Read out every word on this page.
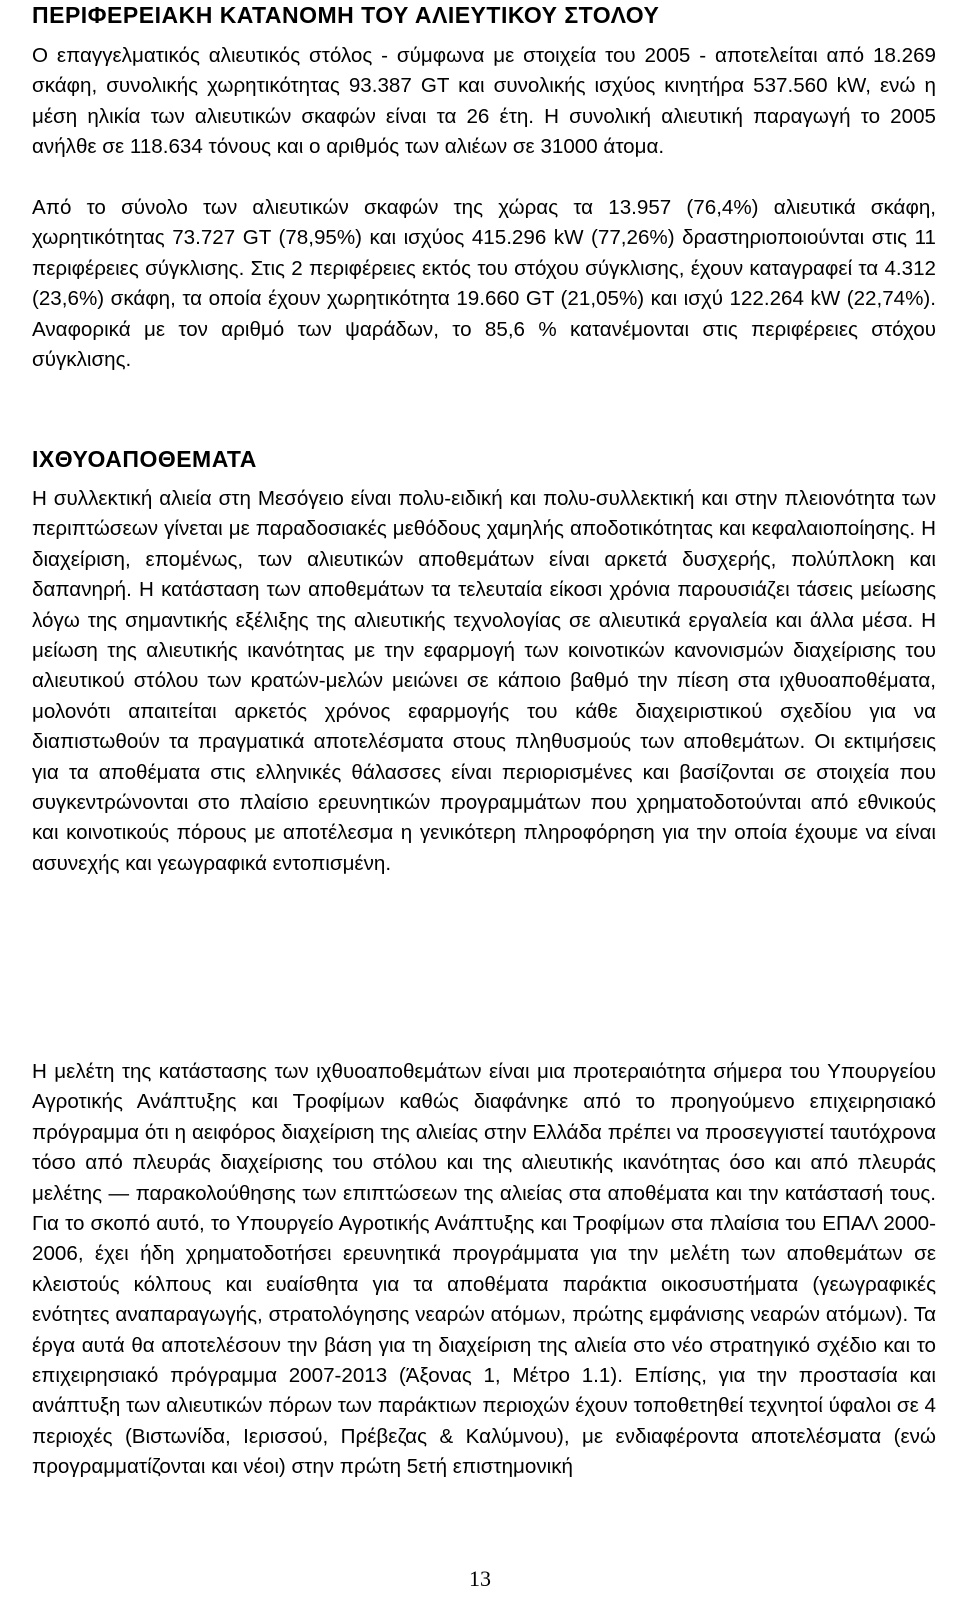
ΠΕΡΙΦΕΡΕΙΑΚΗ ΚΑΤΑΝΟΜΗ ΤΟΥ ΑΛΙΕΥΤΙΚΟΥ ΣΤΟΛΟΥ

Ο επαγγελματικός αλιευτικός στόλος - σύμφωνα με στοιχεία του 2005 - αποτελείται από 18.269 σκάφη, συνολικής χωρητικότητας 93.387 GT και συνολικής ισχύος κινητήρα 537.560 kW, ενώ η μέση ηλικία των αλιευτικών σκαφών είναι τα 26 έτη. Η συνολική αλιευτική παραγωγή το 2005 ανήλθε σε 118.634 τόνους και ο αριθμός των αλιέων σε 31000 άτομα.

Από το σύνολο των αλιευτικών σκαφών της χώρας τα 13.957 (76,4%) αλιευτικά σκάφη, χωρητικότητας 73.727 GT (78,95%) και ισχύος 415.296 kW (77,26%) δραστηριοποιούνται στις 11 περιφέρειες σύγκλισης. Στις 2 περιφέρειες εκτός του στόχου σύγκλισης, έχουν καταγραφεί τα 4.312 (23,6%) σκάφη, τα οποία έχουν χωρητικότητα 19.660 GT (21,05%) και ισχύ 122.264 kW (22,74%). Αναφορικά με τον αριθμό των ψαράδων, το 85,6 % κατανέμονται στις περιφέρειες στόχου σύγκλισης.

ΙΧΘΥΟΑΠΟΘΕΜΑΤΑ

Η συλλεκτική αλιεία στη Μεσόγειο είναι πολυ-ειδική και πολυ-συλλεκτική και στην πλειονότητα των περιπτώσεων γίνεται με παραδοσιακές μεθόδους χαμηλής αποδοτικότητας και κεφαλαιοποίησης. Η διαχείριση, επομένως, των αλιευτικών αποθεμάτων είναι αρκετά δυσχερής, πολύπλοκη και δαπανηρή. Η κατάσταση των αποθεμάτων τα τελευταία είκοσι χρόνια παρουσιάζει τάσεις μείωσης λόγω της σημαντικής εξέλιξης της αλιευτικής τεχνολογίας σε αλιευτικά εργαλεία και άλλα μέσα. Η μείωση της αλιευτικής ικανότητας με την εφαρμογή των κοινοτικών κανονισμών διαχείρισης του αλιευτικού στόλου των κρατών-μελών μειώνει σε κάποιο βαθμό την πίεση στα ιχθυοαποθέματα, μολονότι απαιτείται αρκετός χρόνος εφαρμογής του κάθε διαχειριστικού σχεδίου για να διαπιστωθούν τα πραγματικά αποτελέσματα στους πληθυσμούς των αποθεμάτων. Οι εκτιμήσεις για τα αποθέματα στις ελληνικές θάλασσες είναι περιορισμένες και βασίζονται σε στοιχεία που συγκεντρώνονται στο πλαίσιο ερευνητικών προγραμμάτων που χρηματοδοτούνται από εθνικούς και κοινοτικούς πόρους με αποτέλεσμα η γενικότερη πληροφόρηση για την οποία έχουμε να είναι ασυνεχής και γεωγραφικά εντοπισμένη.

Η μελέτη της κατάστασης των ιχθυοαποθεμάτων είναι μια προτεραιότητα σήμερα του Υπουργείου Αγροτικής Ανάπτυξης και Τροφίμων καθώς διαφάνηκε από το προηγούμενο επιχειρησιακό πρόγραμμα ότι η αειφόρος διαχείριση της αλιείας στην Ελλάδα πρέπει να προσεγγιστεί ταυτόχρονα τόσο από πλευράς διαχείρισης του στόλου και της αλιευτικής ικανότητας όσο και από πλευράς μελέτης — παρακολούθησης των επιπτώσεων της αλιείας στα αποθέματα και την κατάστασή τους. Για το σκοπό αυτό, το Υπουργείο Αγροτικής Ανάπτυξης και Τροφίμων στα πλαίσια του ΕΠΑΛ 2000-2006, έχει ήδη χρηματοδοτήσει ερευνητικά προγράμματα για την μελέτη των αποθεμάτων σε κλειστούς κόλπους και ευαίσθητα για τα αποθέματα παράκτια οικοσυστήματα (γεωγραφικές ενότητες αναπαραγωγής, στρατολόγησης νεαρών ατόμων, πρώτης εμφάνισης νεαρών ατόμων). Τα έργα αυτά θα αποτελέσουν την βάση για τη διαχείριση της αλιεία στο νέο στρατηγικό σχέδιο και το επιχειρησιακό πρόγραμμα 2007-2013 (Άξονας 1, Μέτρο 1.1). Επίσης, για την προστασία και ανάπτυξη των αλιευτικών πόρων των παράκτιων περιοχών έχουν τοποθετηθεί τεχνητοί ύφαλοι σε 4 περιοχές (Βιστωνίδα, Ιερισσού, Πρέβεζας & Καλύμνου), με ενδιαφέροντα αποτελέσματα (ενώ προγραμματίζονται και νέοι) στην πρώτη 5ετή επιστημονική

13
